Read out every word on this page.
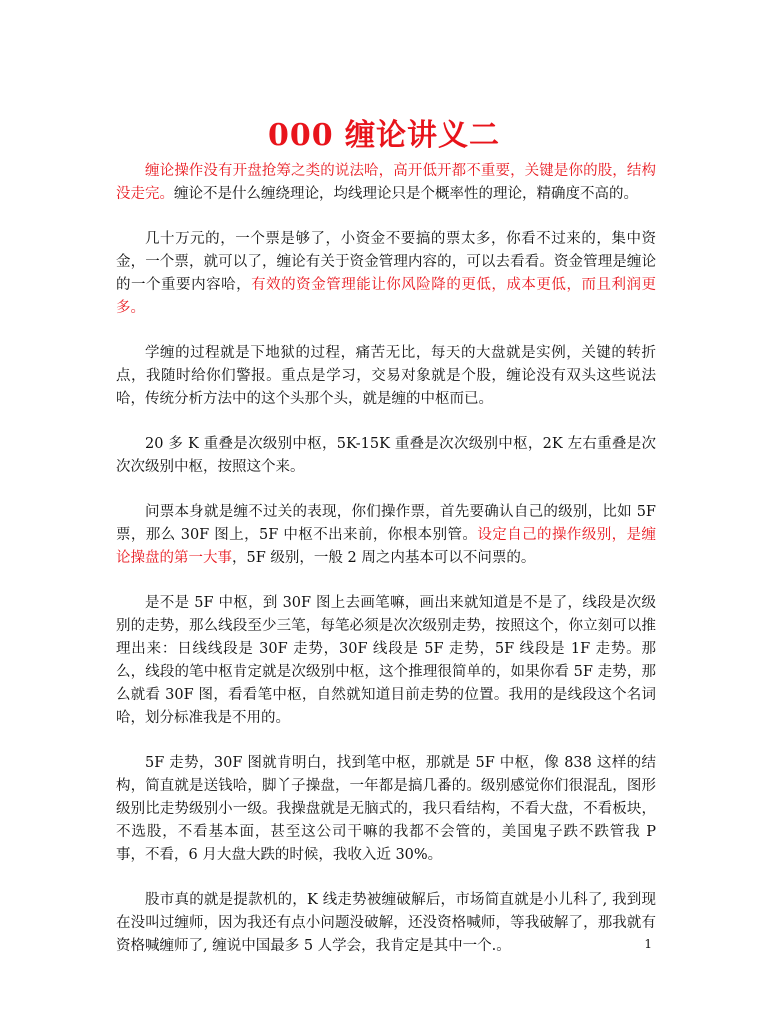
000 缠论讲义二

缠论操作没有开盘抢筹之类的说法哈，高开低开都不重要，关键是你的股，结构没走完。缠论不是什么缠绕理论，均线理论只是个概率性的理论，精确度不高的。

几十万元的，一个票是够了，小资金不要搞的票太多，你看不过来的，集中资金，一个票，就可以了，缠论有关于资金管理内容的，可以去看看。资金管理是缠论的一个重要内容哈，有效的资金管理能让你风险降的更低，成本更低，而且利润更多。

学缠的过程就是下地狱的过程，痛苦无比，每天的大盘就是实例，关键的转折点，我随时给你们警报。重点是学习，交易对象就是个股，缠论没有双头这些说法哈，传统分析方法中的这个头那个头，就是缠的中枢而已。

20 多 K 重叠是次级别中枢，5K-15K 重叠是次次级别中枢，2K 左右重叠是次次次级别中枢，按照这个来。

问票本身就是缠不过关的表现，你们操作票，首先要确认自己的级别，比如 5F 票，那么 30F 图上，5F 中枢不出来前，你根本别管。设定自己的操作级别，是缠论操盘的第一大事，5F 级别，一般 2 周之内基本可以不问票的。

是不是 5F 中枢，到 30F 图上去画笔嘛，画出来就知道是不是了，线段是次级别的走势，那么线段至少三笔，每笔必须是次次级别走势，按照这个，你立刻可以推理出来：日线线段是 30F 走势，30F 线段是 5F 走势，5F 线段是 1F 走势。那么，线段的笔中枢肯定就是次级别中枢，这个推理很简单的，如果你看 5F 走势，那么就看 30F 图，看看笔中枢，自然就知道目前走势的位置。我用的是线段这个名词哈，划分标准我是不用的。

5F 走势，30F 图就肯明白，找到笔中枢，那就是 5F 中枢，像 838 这样的结构，简直就是送钱哈，脚丫子操盘，一年都是搞几番的。级别感觉你们很混乱，图形级别比走势级别小一级。我操盘就是无脑式的，我只看结构，不看大盘，不看板块，不选股，不看基本面，甚至这公司干嘛的我都不会管的，美国鬼子跌不跌管我 P 事，不看，6 月大盘大跌的时候，我收入近 30%。

股市真的就是提款机的，K 线走势被缠破解后，市场简直就是小儿科了, 我到现在没叫过缠师，因为我还有点小问题没破解，还没资格喊师，等我破解了，那我就有资格喊缠师了, 缠说中国最多 5 人学会，我肯定是其中一个.。	1
